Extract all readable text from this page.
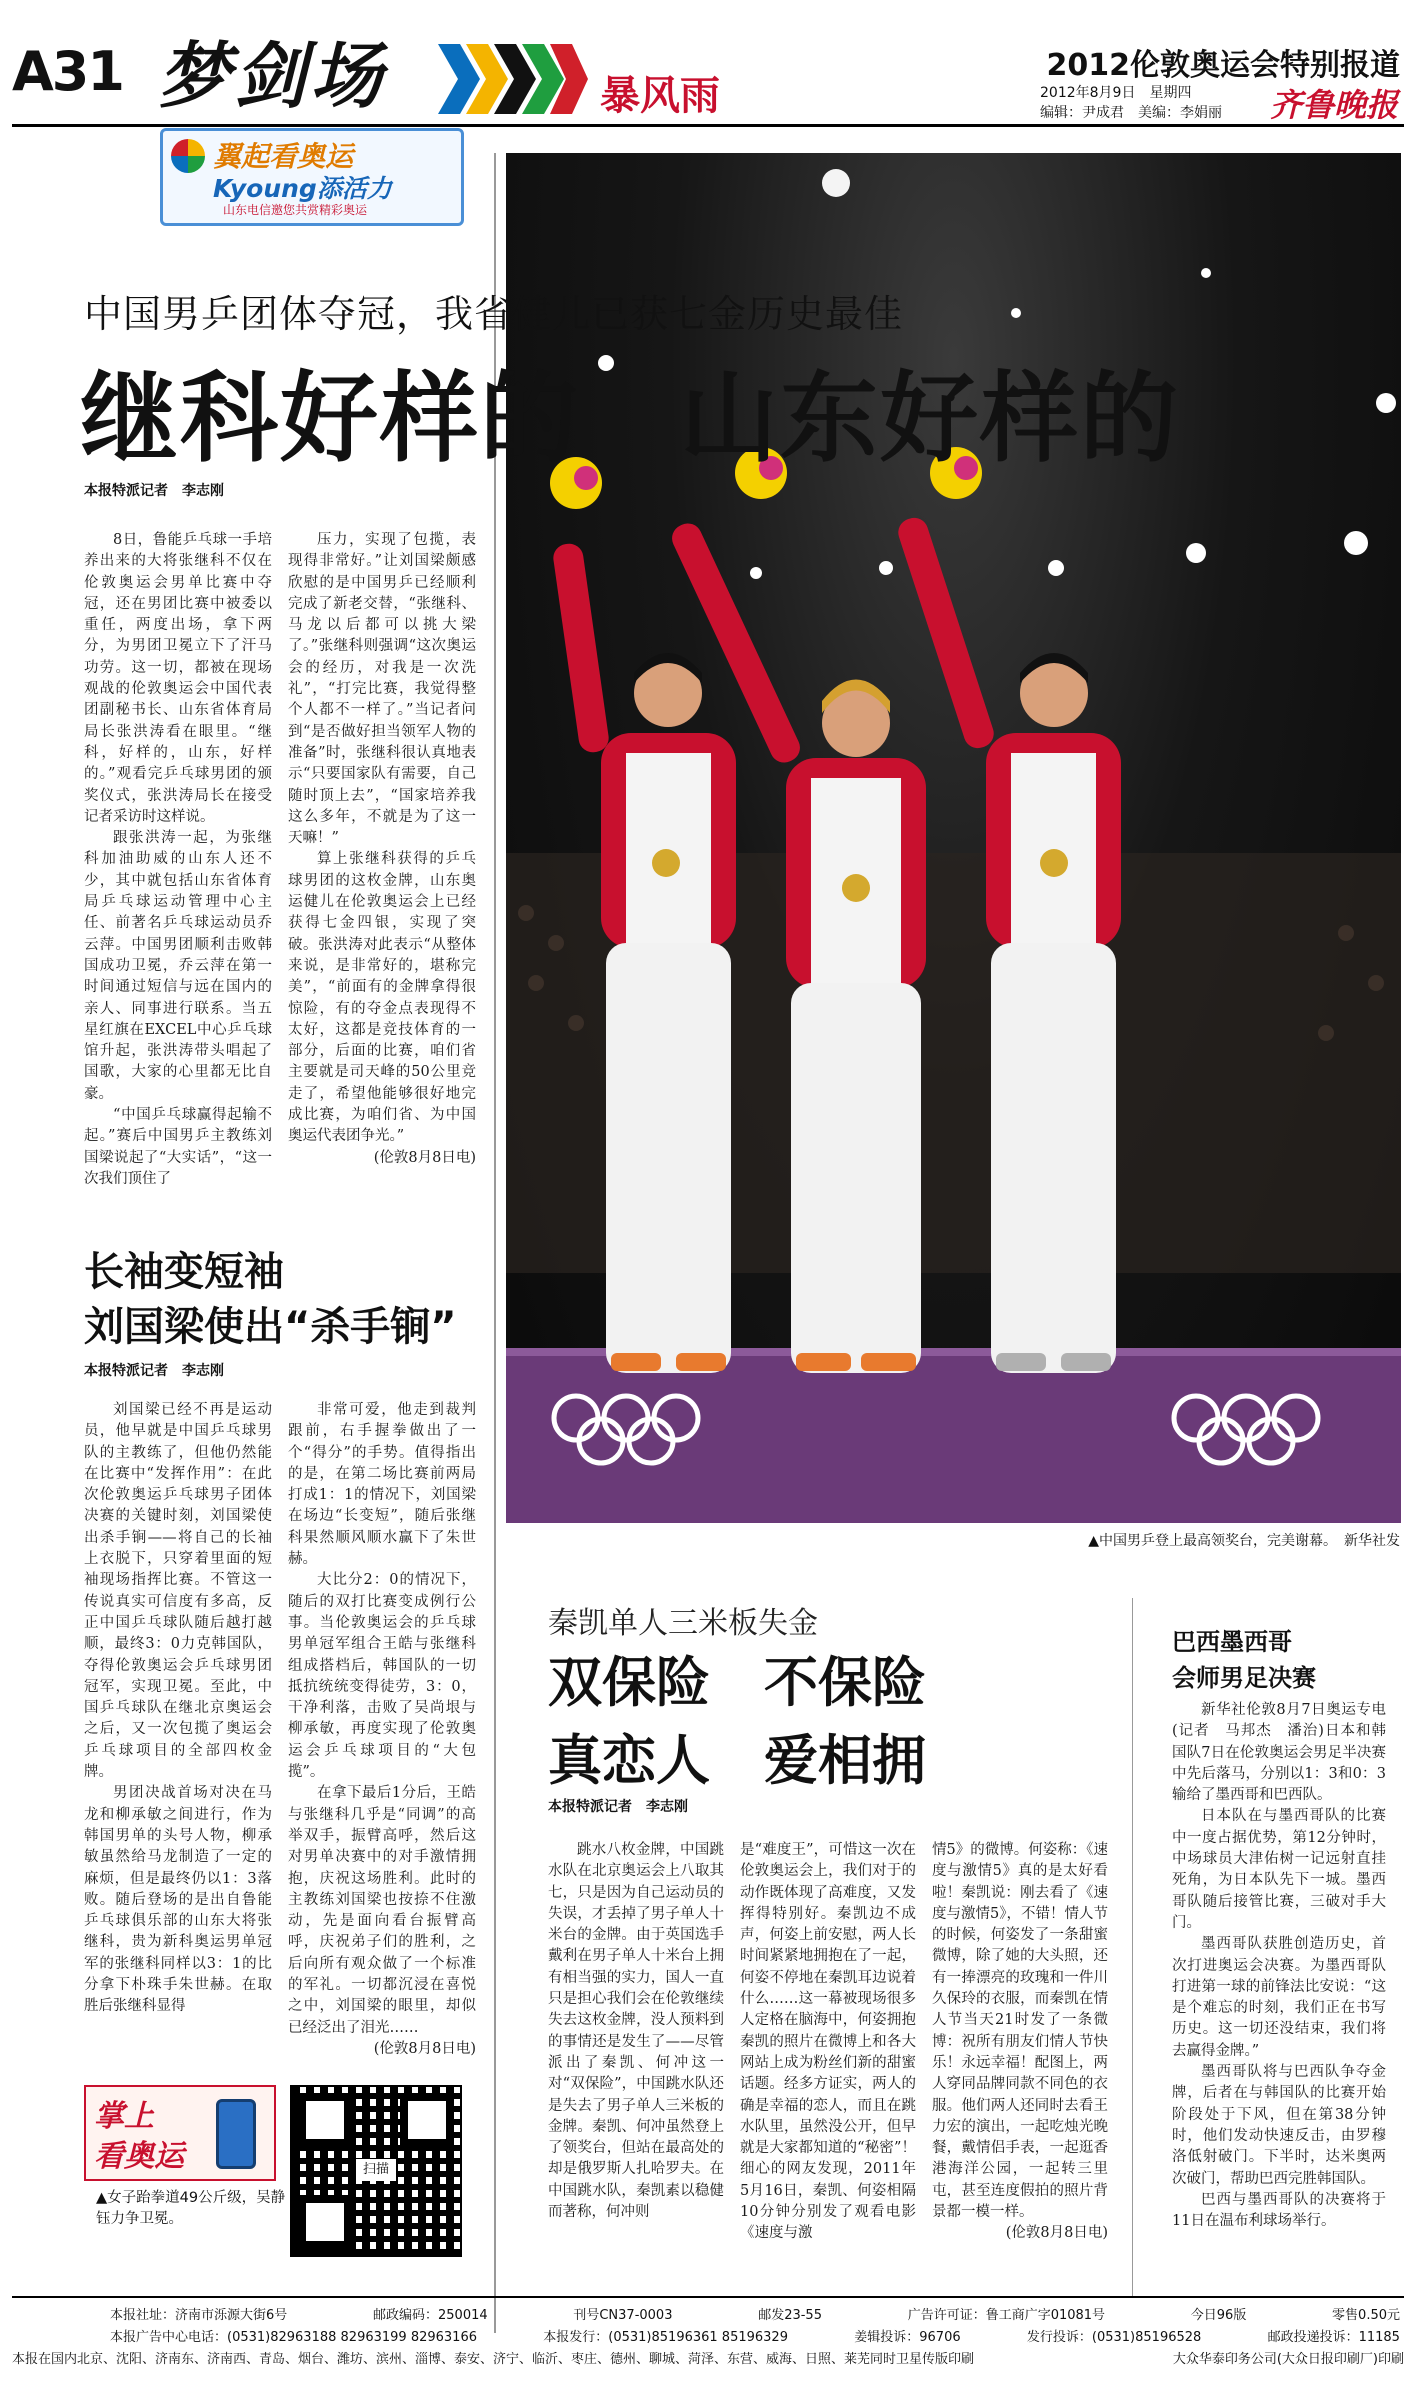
A31 梦剑场	暴风雨
翼起看奥运
Kyoung添活力
山东电信邀您共赏精彩奥运
2012伦敦奥运会特别报道
2012年8月9日　星期四
编辑：尹成君　美编：李娟丽	齐鲁晚报
▲中国男乒登上最高领奖台，完美谢幕。　新华社发
中国男乒团体夺冠，我省健儿已获七金历史最佳
继科好样的　山东好样的
本报特派记者　李志刚

8日，鲁能乒乓球一手培养出来的大将张继科不仅在伦敦奥运会男单比赛中夺冠，还在男团比赛中被委以重任，两度出场，拿下两分，为男团卫冕立下了汗马功劳。这一切，都被在现场观战的伦敦奥运会中国代表团副秘书长、山东省体育局局长张洪涛看在眼里。“继科，好样的，山东，好样的。”观看完乒乓球男团的颁奖仪式，张洪涛局长在接受记者采访时这样说。

跟张洪涛一起，为张继科加油助威的山东人还不少，其中就包括山东省体育局乒乓球运动管理中心主任、前著名乒乓球运动员乔云萍。中国男团顺利击败韩国成功卫冕，乔云萍在第一时间通过短信与远在国内的亲人、同事进行联系。当五星红旗在EXCEL中心乒乓球馆升起，张洪涛带头唱起了国歌，大家的心里都无比自豪。

“中国乒乓球赢得起输不起。”赛后中国男乒主教练刘国梁说起了“大实话”，“这一次我们顶住了

压力，实现了包揽，表现得非常好。”让刘国梁颇感欣慰的是中国男乒已经顺利完成了新老交替，“张继科、马龙以后都可以挑大梁了。”张继科则强调“这次奥运会的经历，对我是一次洗礼”，“打完比赛，我觉得整个人都不一样了。”当记者问到“是否做好担当领军人物的准备”时，张继科很认真地表示“只要国家队有需要，自己随时顶上去”，“国家培养我这么多年，不就是为了这一天嘛！”

算上张继科获得的乒乓球男团的这枚金牌，山东奥运健儿在伦敦奥运会上已经获得七金四银，实现了突破。张洪涛对此表示“从整体来说，是非常好的，堪称完美”，“前面有的金牌拿得很惊险，有的夺金点表现得不太好，这都是竞技体育的一部分，后面的比赛，咱们省主要就是司天峰的50公里竞走了，希望他能够很好地完成比赛，为咱们省、为中国奥运代表团争光。”

(伦敦8月8日电)

长袖变短袖
刘国梁使出“杀手锏”
本报特派记者　李志刚

刘国梁已经不再是运动员，他早就是中国乒乓球男队的主教练了，但他仍然能在比赛中“发挥作用”：在此次伦敦奥运乒乓球男子团体决赛的关键时刻，刘国梁使出杀手锏——将自己的长袖上衣脱下，只穿着里面的短袖现场指挥比赛。不管这一传说真实可信度有多高，反正中国乒乓球队随后越打越顺，最终3：0力克韩国队，夺得伦敦奥运会乒乓球男团冠军，实现卫冕。至此，中国乒乓球队在继北京奥运会之后，又一次包揽了奥运会乒乓球项目的全部四枚金牌。

男团决战首场对决在马龙和柳承敏之间进行，作为韩国男单的头号人物，柳承敏虽然给马龙制造了一定的麻烦，但是最终仍以1：3落败。随后登场的是出自鲁能乒乓球俱乐部的山东大将张继科，贵为新科奥运男单冠军的张继科同样以3：1的比分拿下朴珠手朱世赫。在取胜后张继科显得

非常可爱，他走到裁判跟前，右手握拳做出了一个“得分”的手势。值得指出的是，在第二场比赛前两局打成1：1的情况下，刘国梁在场边“长变短”，随后张继科果然顺风顺水赢下了朱世赫。

大比分2：0的情况下，随后的双打比赛变成例行公事。当伦敦奥运会的乒乓球男单冠军组合王皓与张继科组成搭档后，韩国队的一切抵抗统统变得徒劳，3：0，干净利落，击败了吴尚垠与柳承敏，再度实现了伦敦奥运会乒乓球项目的“大包揽”。

在拿下最后1分后，王皓与张继科几乎是“同调”的高举双手，振臂高呼，然后这对男单决赛中的对手激情拥抱，庆祝这场胜利。此时的主教练刘国梁也按捺不住激动，先是面向看台振臂高呼，庆祝弟子们的胜利，之后向所有观众做了一个标准的军礼。一切都沉浸在喜悦之中，刘国梁的眼里，却似已经泛出了泪光……

(伦敦8月8日电)

掌上
看奥运	扫描
▲女子跆拳道49公斤级，吴静钰力争卫冕。
秦凯单人三米板失金
双保险　不保险
真恋人　爱相拥
本报特派记者　李志刚

跳水八枚金牌，中国跳水队在北京奥运会上八取其七，只是因为自己运动员的失误，才丢掉了男子单人十米台的金牌。由于英国选手戴利在男子单人十米台上拥有相当强的实力，国人一直只是担心我们会在伦敦继续失去这枚金牌，没人预料到的事情还是发生了——尽管派出了秦凯、何冲这一对“双保险”，中国跳水队还是失去了男子单人三米板的金牌。秦凯、何冲虽然登上了领奖台，但站在最高处的却是俄罗斯人扎哈罗夫。在中国跳水队，秦凯素以稳健而著称，何冲则

是“难度王”，可惜这一次在伦敦奥运会上，我们对于的动作既体现了高难度，又发挥得特别好。秦凯边不成声，何姿上前安慰，两人长时间紧紧地拥抱在了一起，何姿不停地在秦凯耳边说着什么……这一幕被现场很多人定格在脑海中，何姿拥抱秦凯的照片在微博上和各大网站上成为粉丝们新的甜蜜话题。经多方证实，两人的确是幸福的恋人，而且在跳水队里，虽然没公开，但早就是大家都知道的“秘密”！细心的网友发现，2011年5月16日，秦凯、何姿相隔10分钟分别发了观看电影《速度与激

情5》的微博。何姿称：《速度与激情5》真的是太好看啦！秦凯说：刚去看了《速度与激情5》，不错！情人节的时候，何姿发了一条甜蜜微博，除了她的大头照，还有一捧漂亮的玫瑰和一件川久保玲的衣服，而秦凯在情人节当天21时发了一条微博：祝所有朋友们情人节快乐！永远幸福！配图上，两人穿同品牌同款不同色的衣服。他们两人还同时去看王力宏的演出，一起吃烛光晚餐，戴情侣手表，一起逛香港海洋公园，一起转三里屯，甚至连度假拍的照片背景都一模一样。

(伦敦8月8日电)

巴西墨西哥
会师男足决赛

新华社伦敦8月7日奥运专电(记者　马邦杰　潘治)日本和韩国队7日在伦敦奥运会男足半决赛中先后落马，分别以1：3和0：3输给了墨西哥和巴西队。

日本队在与墨西哥队的比赛中一度占据优势，第12分钟时，中场球员大津佑树一记远射直挂死角，为日本队先下一城。墨西哥队随后接管比赛，三破对手大门。

墨西哥队获胜创造历史，首次打进奥运会决赛。为墨西哥队打进第一球的前锋法比安说：“这是个难忘的时刻，我们正在书写历史。这一切还没结束，我们将去赢得金牌。”

墨西哥队将与巴西队争夺金牌，后者在与韩国队的比赛开始阶段处于下风，但在第38分钟时，他们发动快速反击，由罗穆洛低射破门。下半时，达米奥两次破门，帮助巴西完胜韩国队。

巴西与墨西哥队的决赛将于11日在温布利球场举行。

本报社址：济南市泺源大街6号	邮政编码：250014	刊号CN37-0003	邮发23-55	广告许可证：鲁工商广字01081号	今日96版	零售0.50元
本报广告中心电话：(0531)82963188 82963199 82963166	本报发行：(0531)85196361 85196329	姜辑投诉：96706	发行投诉：(0531)85196528	邮政投递投诉：11185
本报在国内北京、沈阳、济南东、济南西、青岛、烟台、潍坊、滨州、淄博、泰安、济宁、临沂、枣庄、德州、聊城、菏泽、东营、威海、日照、莱芜同时卫星传版印刷	大众华泰印务公司(大众日报印刷厂)印刷
